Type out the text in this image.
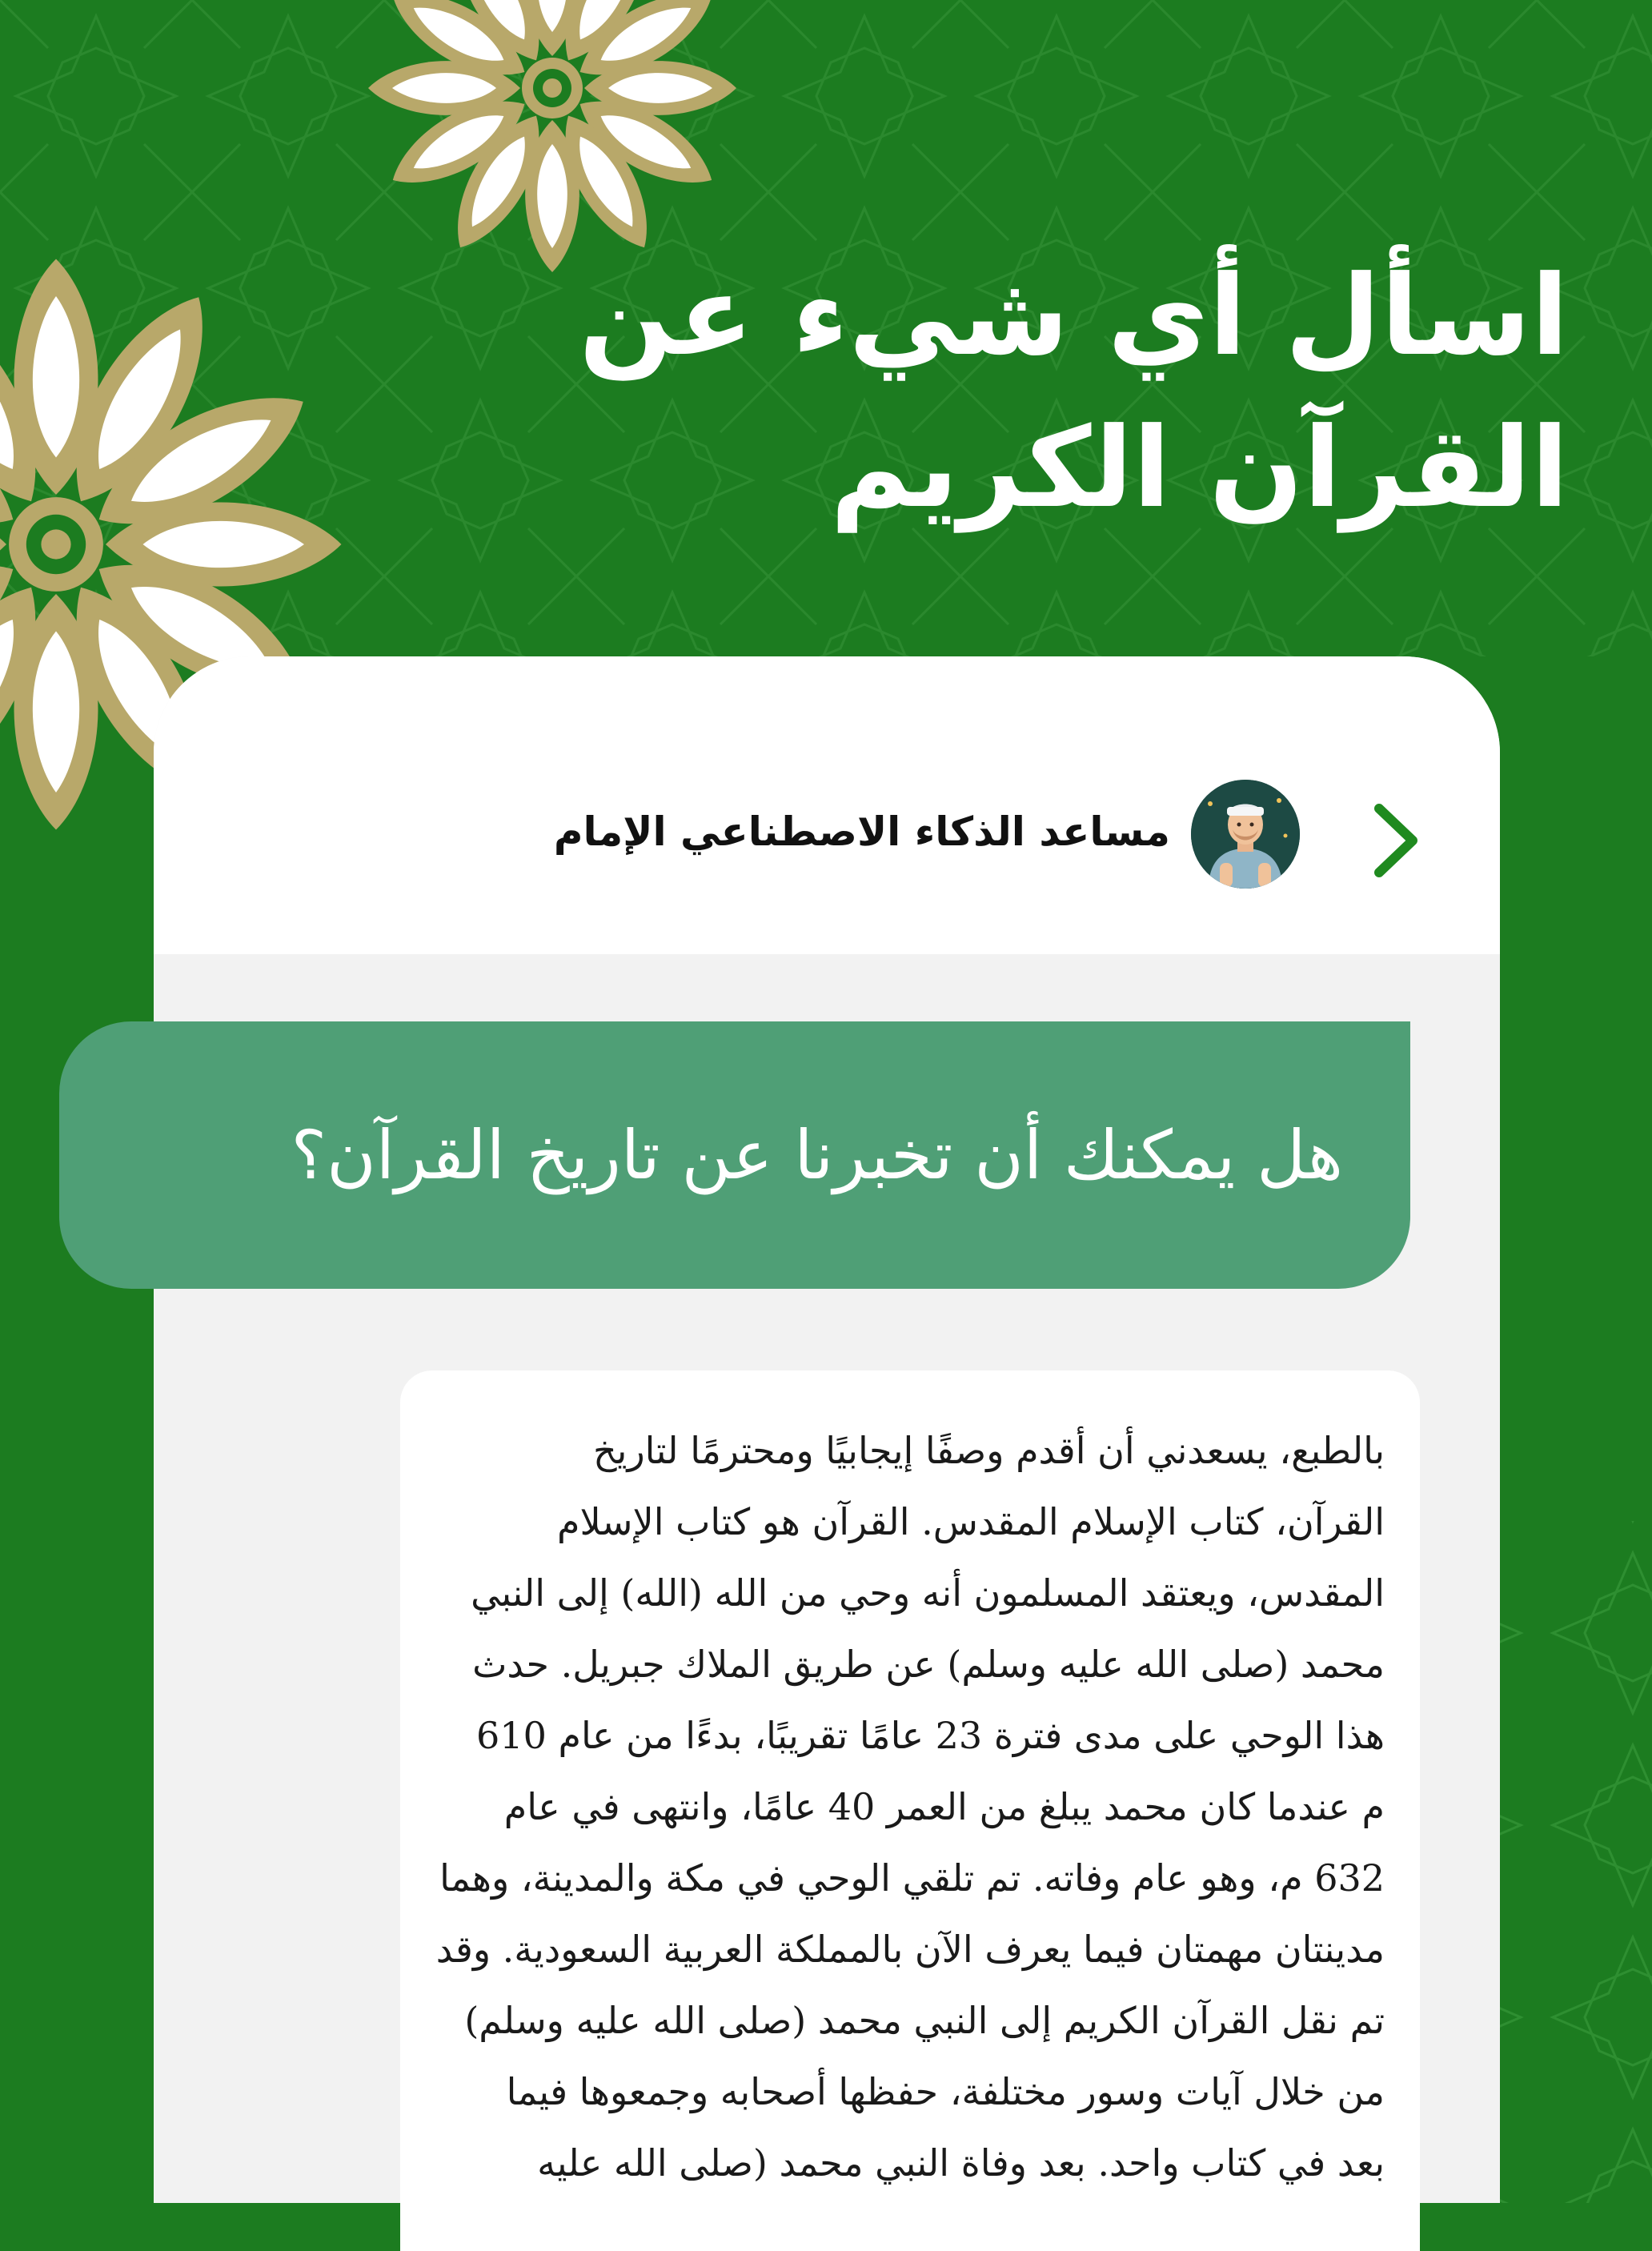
اسأل أي شيء عن
القرآن الكريم
مساعد الذكاء الاصطناعي الإمام
هل يمكنك أن تخبرنا عن تاريخ القرآن؟
بالطبع، يسعدني أن أقدم وصفًا إيجابيًا ومحترمًا لتاريخ
القرآن، كتاب الإسلام المقدس. القرآن هو كتاب الإسلام
المقدس، ويعتقد المسلمون أنه وحي من الله (الله) إلى النبي
محمد (صلى الله عليه وسلم) عن طريق الملاك جبريل. حدث
هذا الوحي على مدى فترة 23 عامًا تقريبًا، بدءًا من عام 610
م عندما كان محمد يبلغ من العمر 40 عامًا، وانتهى في عام
632 م، وهو عام وفاته. تم تلقي الوحي في مكة والمدينة، وهما
مدينتان مهمتان فيما يعرف الآن بالمملكة العربية السعودية. وقد
تم نقل القرآن الكريم إلى النبي محمد (صلى الله عليه وسلم)
من خلال آيات وسور مختلفة، حفظها أصحابه وجمعوها فيما
بعد في كتاب واحد. بعد وفاة النبي محمد (صلى الله عليه
